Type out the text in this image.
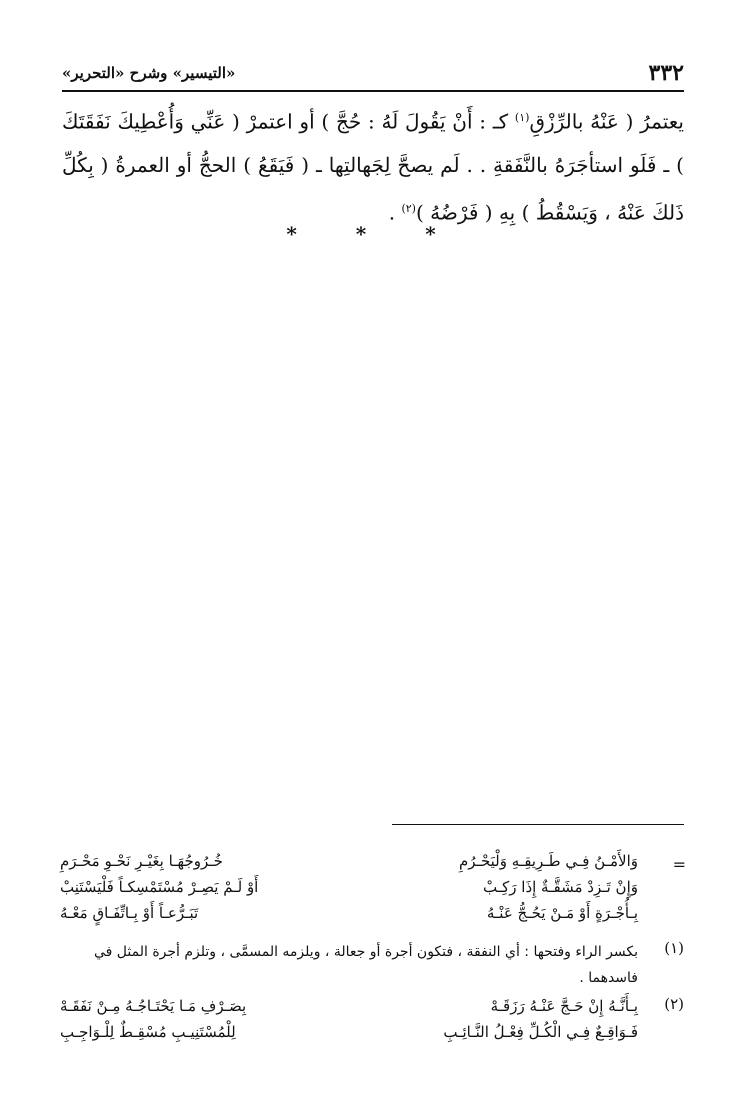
«التيسير» وشرح «التحرير»	٣٣٢

يعتمرُ ( عَنْهُ بالرِّزْقِ$^{(١)}$ كـ : أَنْ يَقُولَ لَهُ : حُجَّ ) أو اعتمرْ ( عَنِّي وَأُعْطِيكَ نَفَقَتَكَ ) ـ فَلَو استأجَرَهُ بالنَّفَقةِ . . لَم يصحَّ لِجَهالتِها ـ ( فَيَقَعُ ) الحجُّ أو العمرةُ ( بِكُلِّ ذَلكَ عَنْهُ ، وَيَسْقُطُ ) بِهِ ( فَرْضُهُ )$^{(٢)}$ .

* * *
=
وَالأَمْـنُ فِـي طَـرِيقِـهِ وَلْيَحْـرُمِ
خُـرُوجُهَـا بِغَيْـرِ نَحْـوِ مَحْـرَمِ
وَإِنْ تَـزِدْ مَشَقَّـةٌ إِذَا رَكِـبْ
أَوْ لَـمْ يَصِـرْ مُسْتَمْسِكـاً فَلْيَسْتَنِبْ
بِـأُجْـرَةٍ أَوْ مَـنْ يَحُـجُّ عَنْـهُ
تَبَـرُّعـاً أَوْ بِـاتِّفَـاقٍ مَعْـهُ
(١)
بكسر الراء وفتحها : أي النفقة ، فتكون أجرة أو جعالة ، ويلزمه المسمَّى ، وتلزم أجرة المثل في فاسدهما .
(٢)
بِـأَنَّـهُ إِنْ حَـجَّ عَنْـهُ رَزَقَـهْ
بِصَـرْفِ مَـا يَحْتَـاجُـهُ مِـنْ نَفَقَـهْ
فَـوَاقِـعٌ فِـي الْكُـلِّ فِعْـلُ النَّـائِـبِ
لِلْمُسْتَنِيـبِ مُسْقِـطٌ لِلْـوَاجِـبِ
